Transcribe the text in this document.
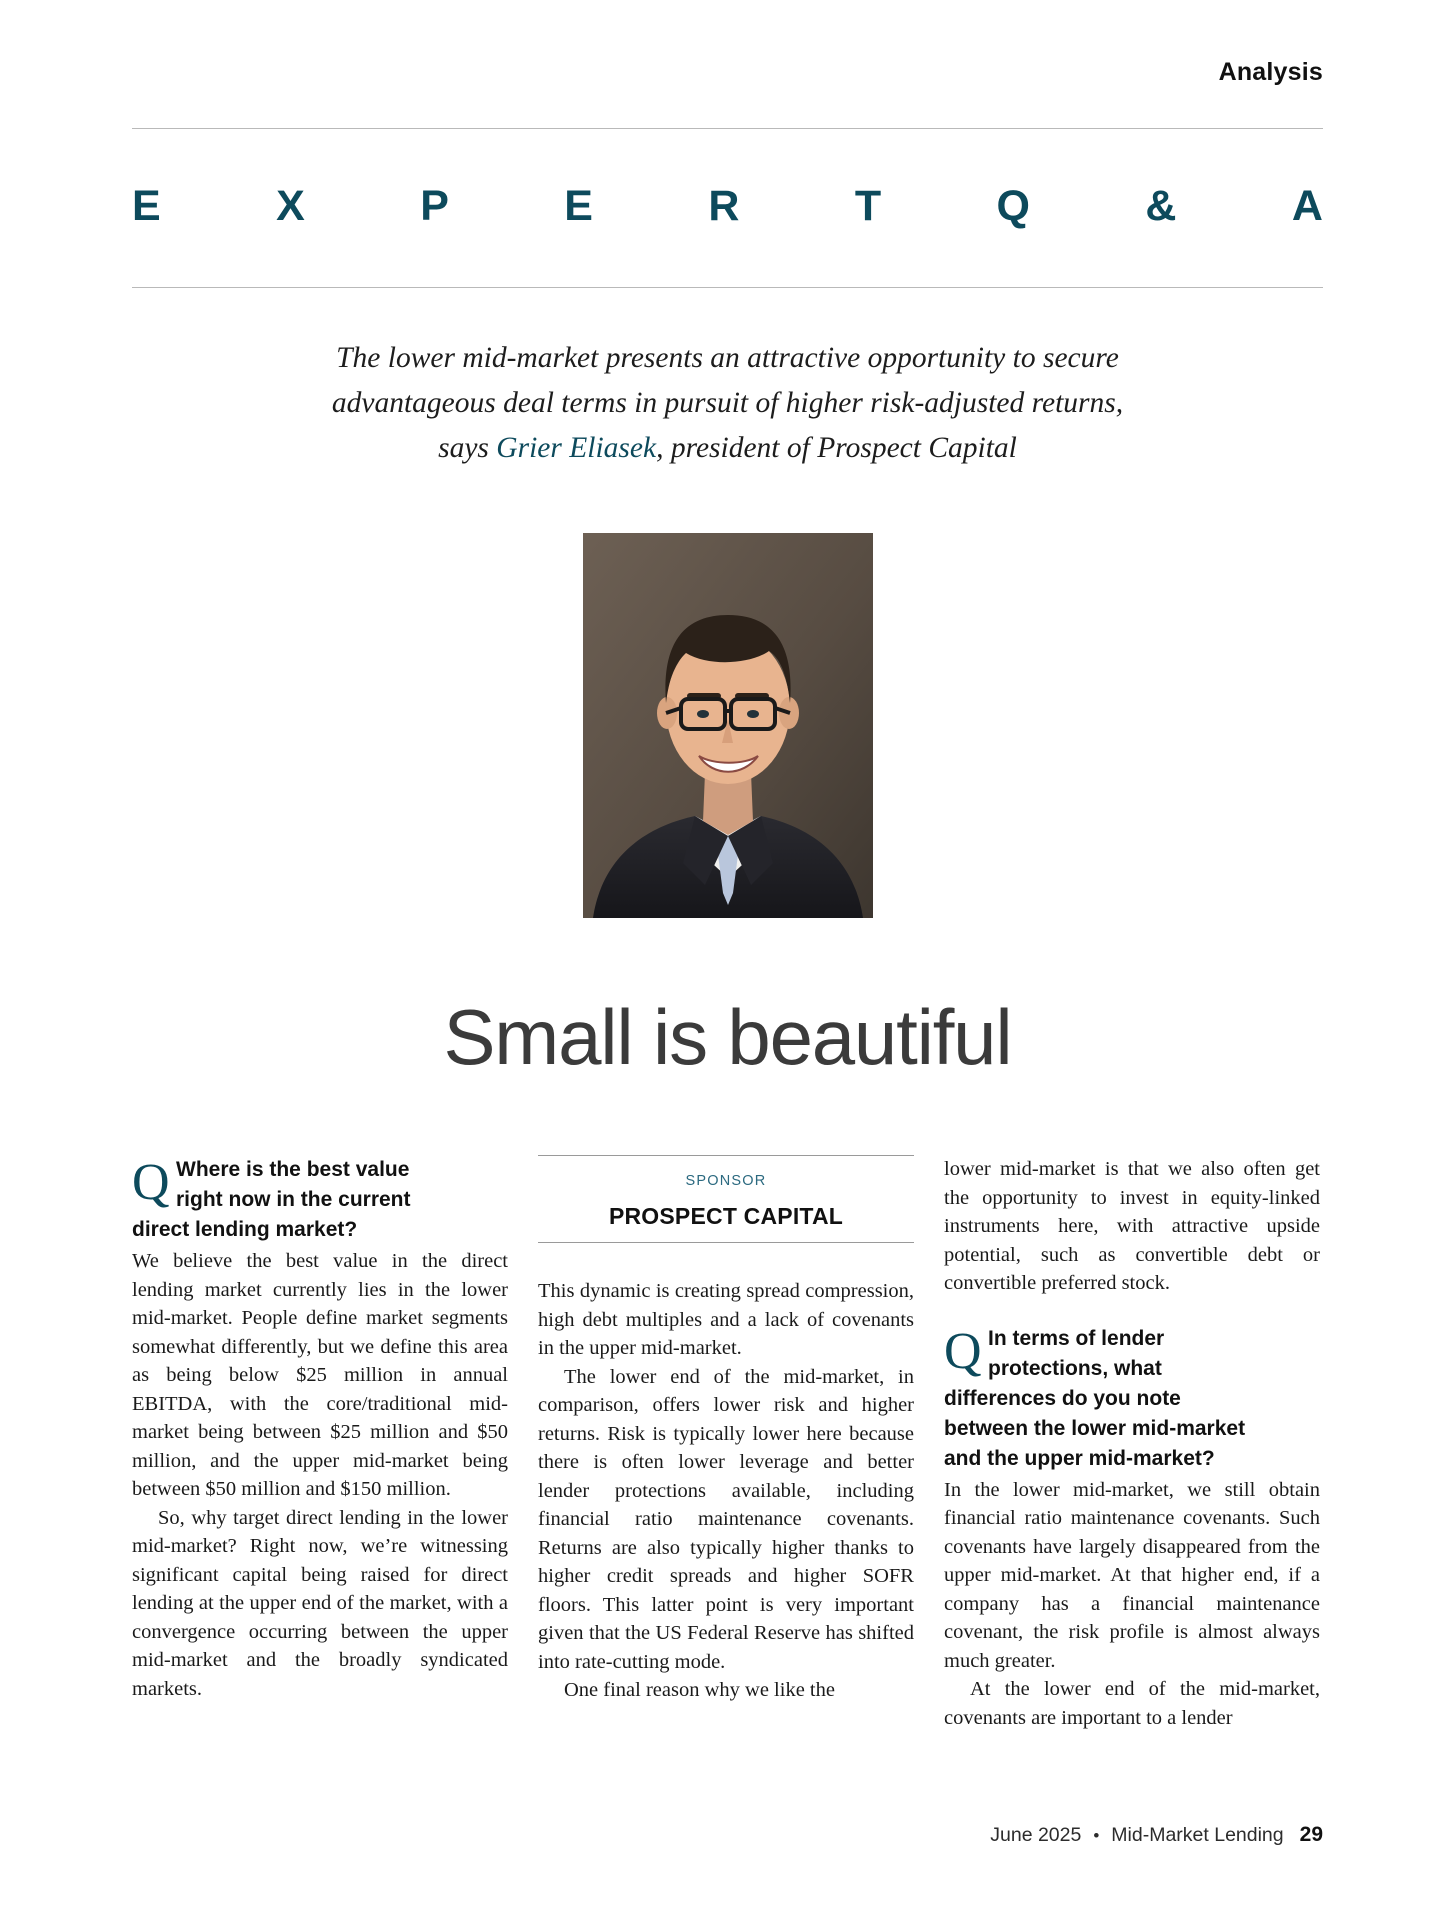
Analysis
E	X	P	E	R	T	Q	&	A
The lower mid-market presents an attractive opportunity to secure
advantageous deal terms in pursuit of higher risk-adjusted returns,
says Grier Eliasek, president of Prospect Capital
Small is beautiful
Q Where is the best value
right now in the current
direct lending market?

We believe the best value in the direct lending market currently lies in the lower mid-market. People define market segments somewhat differently, but we define this area as being below $25 million in annual EBITDA, with the core/traditional mid-market being between $25 million and $50 million, and the upper mid-market being between $50 million and $150 million.

So, why target direct lending in the lower mid-market? Right now, we’re witnessing significant capital being raised for direct lending at the upper end of the market, with a convergence occurring between the upper mid-market and the broadly syndicated markets.

SPONSOR
PROSPECT CAPITAL

This dynamic is creating spread compression, high debt multiples and a lack of covenants in the upper mid-market.

The lower end of the mid-market, in comparison, offers lower risk and higher returns. Risk is typically lower here because there is often lower leverage and better lender protections available, including financial ratio maintenance covenants. Returns are also typically higher thanks to higher credit spreads and higher SOFR floors. This latter point is very important given that the US Federal Reserve has shifted into rate-cutting mode.

One final reason why we like the

lower mid-market is that we also often get the opportunity to invest in equity-linked instruments here, with attractive upside potential, such as convertible debt or convertible preferred stock.

Q In terms of lender
protections, what
differences do you note
between the lower mid-market
and the upper mid-market?

In the lower mid-market, we still obtain financial ratio maintenance covenants. Such covenants have largely disappeared from the upper mid-market. At that higher end, if a company has a financial maintenance covenant, the risk profile is almost always much greater.

At the lower end of the mid-market, covenants are important to a lender

June 2025 • Mid-Market Lending 29
